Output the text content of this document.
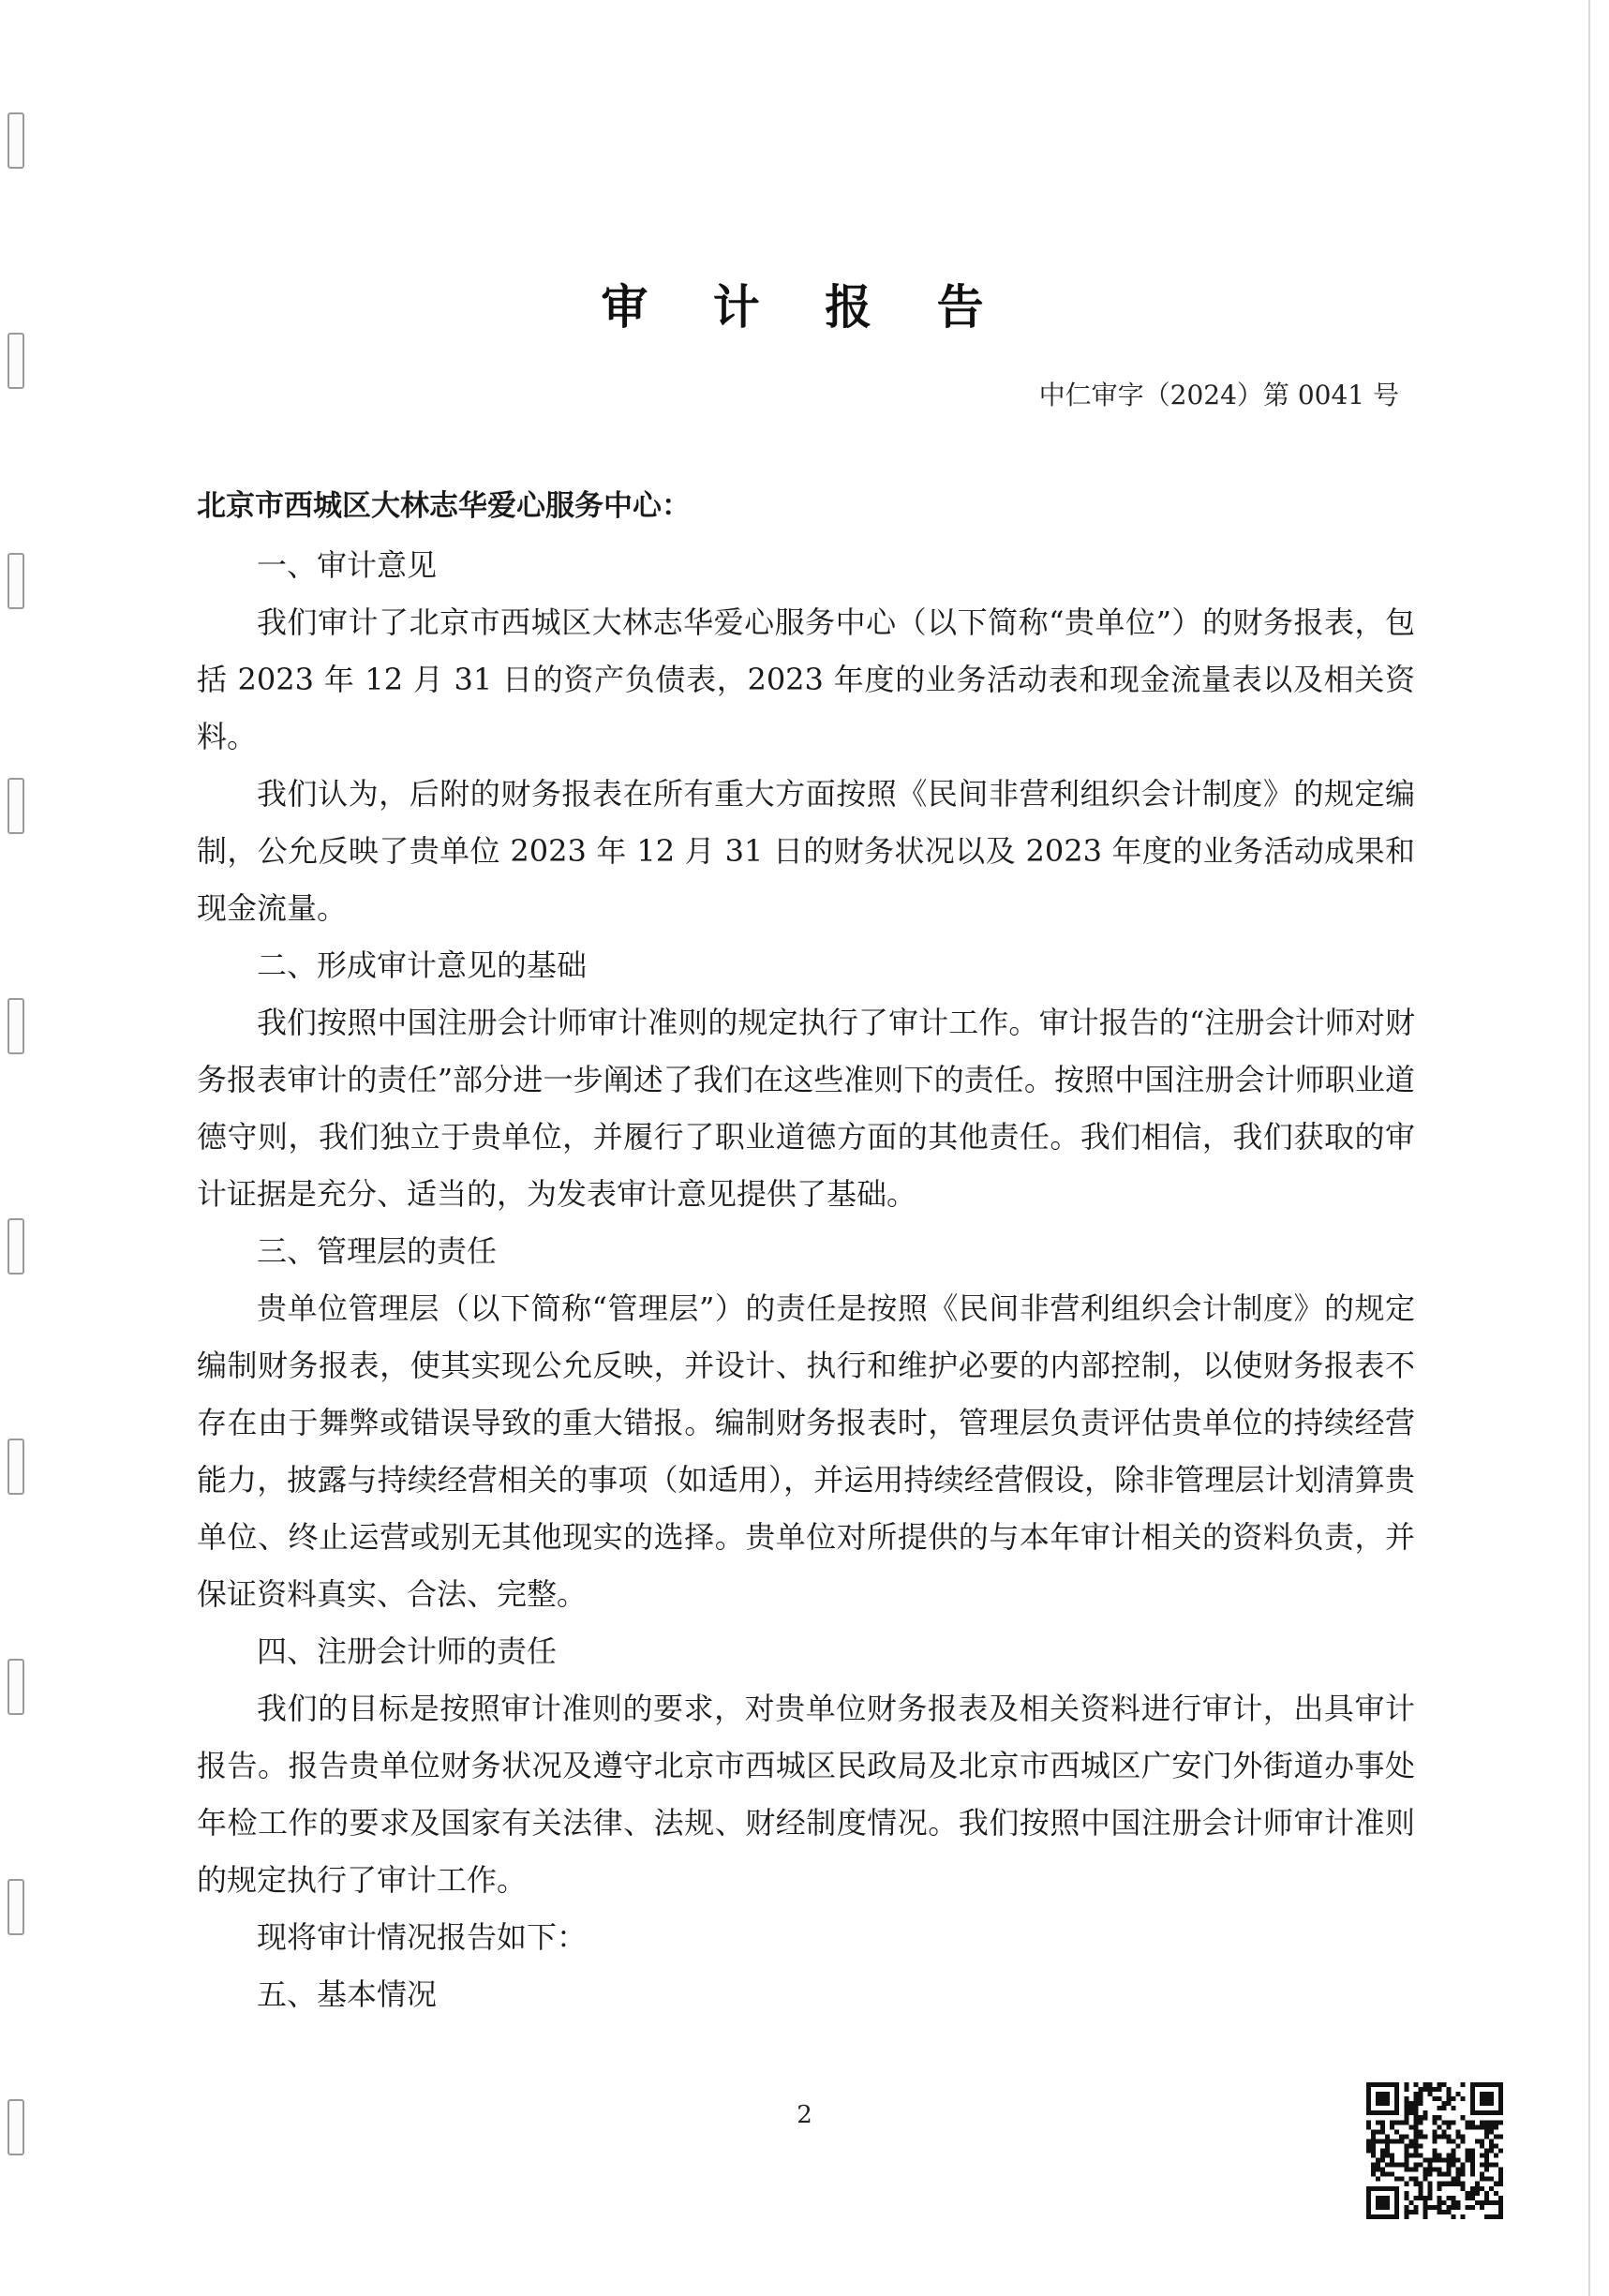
审 计 报 告
中仁审字（2024）第 0041 号

北京市西城区大林志华爱心服务中心：

一、审计意见

我们审计了北京市西城区大林志华爱心服务中心（以下简称“贵单位”）的财务报表，包括 2023 年 12 月 31 日的资产负债表，2023 年度的业务活动表和现金流量表以及相关资料。

我们认为，后附的财务报表在所有重大方面按照《民间非营利组织会计制度》的规定编制，公允反映了贵单位 2023 年 12 月 31 日的财务状况以及 2023 年度的业务活动成果和现金流量。

二、形成审计意见的基础

我们按照中国注册会计师审计准则的规定执行了审计工作。审计报告的“注册会计师对财务报表审计的责任”部分进一步阐述了我们在这些准则下的责任。按照中国注册会计师职业道德守则，我们独立于贵单位，并履行了职业道德方面的其他责任。我们相信，我们获取的审计证据是充分、适当的，为发表审计意见提供了基础。

三、管理层的责任

贵单位管理层（以下简称“管理层”）的责任是按照《民间非营利组织会计制度》的规定编制财务报表，使其实现公允反映，并设计、执行和维护必要的内部控制，以使财务报表不存在由于舞弊或错误导致的重大错报。编制财务报表时，管理层负责评估贵单位的持续经营能力，披露与持续经营相关的事项（如适用），并运用持续经营假设，除非管理层计划清算贵单位、终止运营或别无其他现实的选择。贵单位对所提供的与本年审计相关的资料负责，并保证资料真实、合法、完整。

四、注册会计师的责任

我们的目标是按照审计准则的要求，对贵单位财务报表及相关资料进行审计，出具审计报告。报告贵单位财务状况及遵守北京市西城区民政局及北京市西城区广安门外街道办事处年检工作的要求及国家有关法律、法规、财经制度情况。我们按照中国注册会计师审计准则的规定执行了审计工作。

现将审计情况报告如下：

五、基本情况

2
